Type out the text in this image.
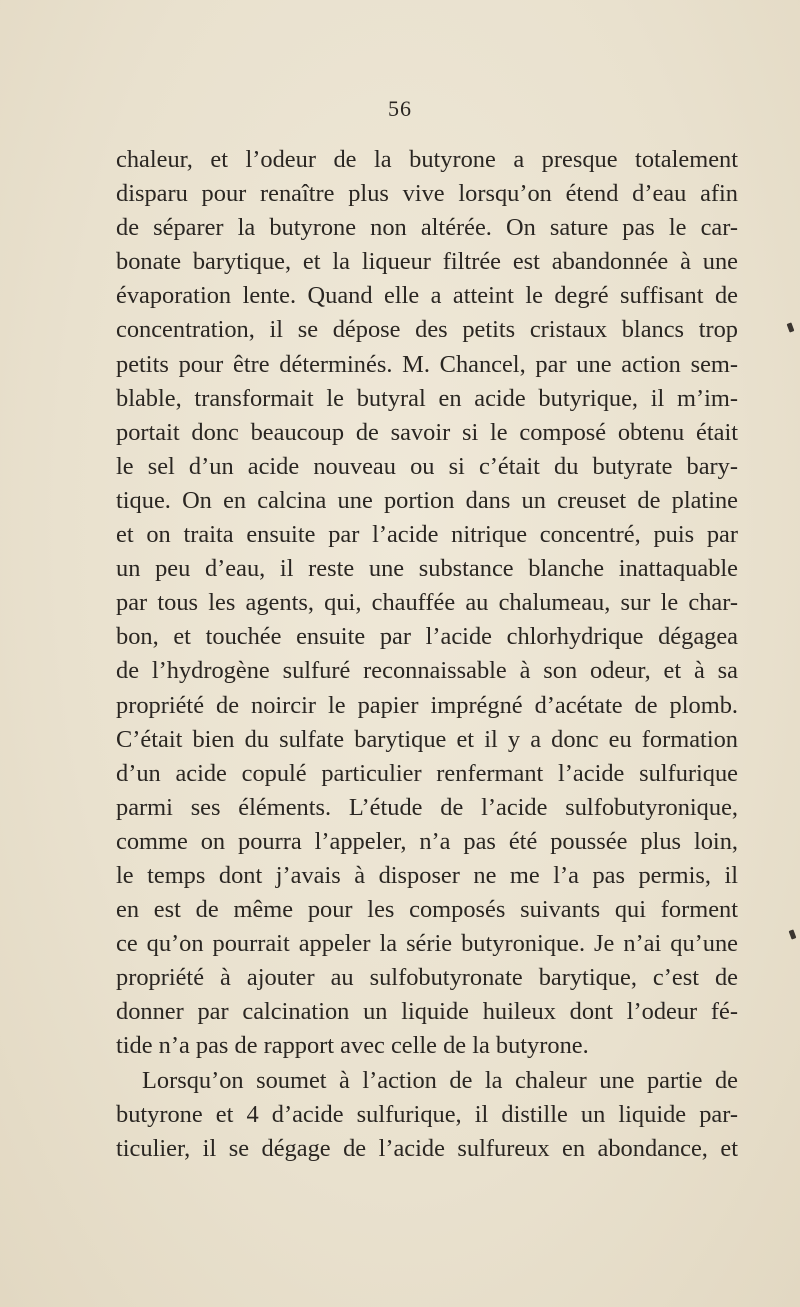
56
chaleur, et l’odeur de la butyrone a presque totalement
disparu pour renaître plus vive lorsqu’on étend d’eau afin
de séparer la butyrone non altérée. On sature pas le car-
bonate barytique, et la liqueur filtrée est abandonnée à une
évaporation lente. Quand elle a atteint le degré suffisant de
concentration, il se dépose des petits cristaux blancs trop
petits pour être déterminés. M. Chancel, par une action sem-
blable, transformait le butyral en acide butyrique, il m’im-
portait donc beaucoup de savoir si le composé obtenu était
le sel d’un acide nouveau ou si c’était du butyrate bary-
tique. On en calcina une portion dans un creuset de platine
et on traita ensuite par l’acide nitrique concentré, puis par
un peu d’eau, il reste une substance blanche inattaquable
par tous les agents, qui, chauffée au chalumeau, sur le char-
bon, et touchée ensuite par l’acide chlorhydrique dégagea
de l’hydrogène sulfuré reconnaissable à son odeur, et à sa
propriété de noircir le papier imprégné d’acétate de plomb.
C’était bien du sulfate barytique et il y a donc eu formation
d’un acide copulé particulier renfermant l’acide sulfurique
parmi ses éléments. L’étude de l’acide sulfobutyronique,
comme on pourra l’appeler, n’a pas été poussée plus loin,
le temps dont j’avais à disposer ne me l’a pas permis, il
en est de même pour les composés suivants qui forment
ce qu’on pourrait appeler la série butyronique. Je n’ai qu’une
propriété à ajouter au sulfobutyronate barytique, c’est de
donner par calcination un liquide huileux dont l’odeur fé-
tide n’a pas de rapport avec celle de la butyrone.
Lorsqu’on soumet à l’action de la chaleur une partie de
butyrone et 4 d’acide sulfurique, il distille un liquide par-
ticulier, il se dégage de l’acide sulfureux en abondance, et
